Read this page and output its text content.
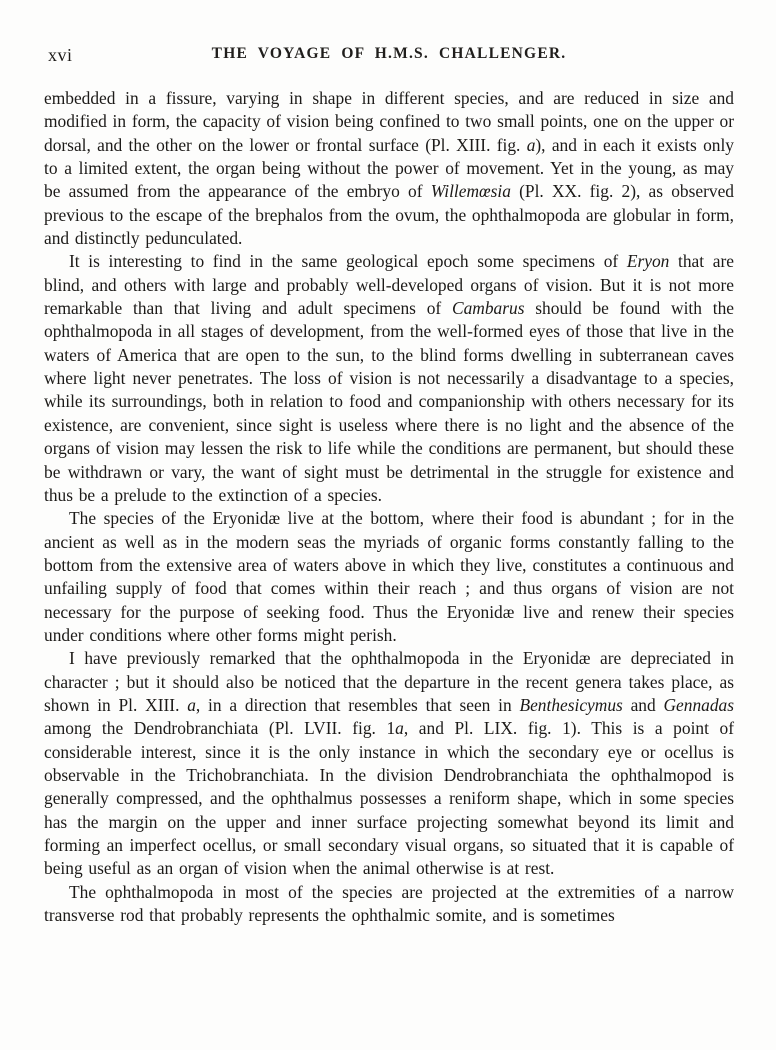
xvi	THE VOYAGE OF H.M.S. CHALLENGER.

embedded in a fissure, varying in shape in different species, and are reduced in size and modified in form, the capacity of vision being confined to two small points, one on the upper or dorsal, and the other on the lower or frontal surface (Pl. XIII. fig. a), and in each it exists only to a limited extent, the organ being without the power of movement. Yet in the young, as may be assumed from the appearance of the embryo of Willemœsia (Pl. XX. fig. 2), as observed previous to the escape of the brephalos from the ovum, the ophthalmopoda are globular in form, and distinctly pedunculated.

It is interesting to find in the same geological epoch some specimens of Eryon that are blind, and others with large and probably well-developed organs of vision. But it is not more remarkable than that living and adult specimens of Cambarus should be found with the ophthalmopoda in all stages of development, from the well-formed eyes of those that live in the waters of America that are open to the sun, to the blind forms dwelling in subterranean caves where light never penetrates. The loss of vision is not necessarily a disadvantage to a species, while its surroundings, both in relation to food and companionship with others necessary for its existence, are convenient, since sight is useless where there is no light and the absence of the organs of vision may lessen the risk to life while the conditions are permanent, but should these be withdrawn or vary, the want of sight must be detrimental in the struggle for existence and thus be a prelude to the extinction of a species.

The species of the Eryonidæ live at the bottom, where their food is abundant ; for in the ancient as well as in the modern seas the myriads of organic forms constantly falling to the bottom from the extensive area of waters above in which they live, constitutes a continuous and unfailing supply of food that comes within their reach ; and thus organs of vision are not necessary for the purpose of seeking food. Thus the Eryonidæ live and renew their species under conditions where other forms might perish.

I have previously remarked that the ophthalmopoda in the Eryonidæ are depreciated in character ; but it should also be noticed that the departure in the recent genera takes place, as shown in Pl. XIII. a, in a direction that resembles that seen in Benthesicymus and Gennadas among the Dendrobranchiata (Pl. LVII. fig. 1a, and Pl. LIX. fig. 1). This is a point of considerable interest, since it is the only instance in which the secondary eye or ocellus is observable in the Trichobranchiata. In the division Dendrobranchiata the ophthalmopod is generally compressed, and the ophthalmus possesses a reniform shape, which in some species has the margin on the upper and inner surface projecting somewhat beyond its limit and forming an imperfect ocellus, or small secondary visual organs, so situated that it is capable of being useful as an organ of vision when the animal otherwise is at rest.

The ophthalmopoda in most of the species are projected at the extremities of a narrow transverse rod that probably represents the ophthalmic somite, and is sometimes
